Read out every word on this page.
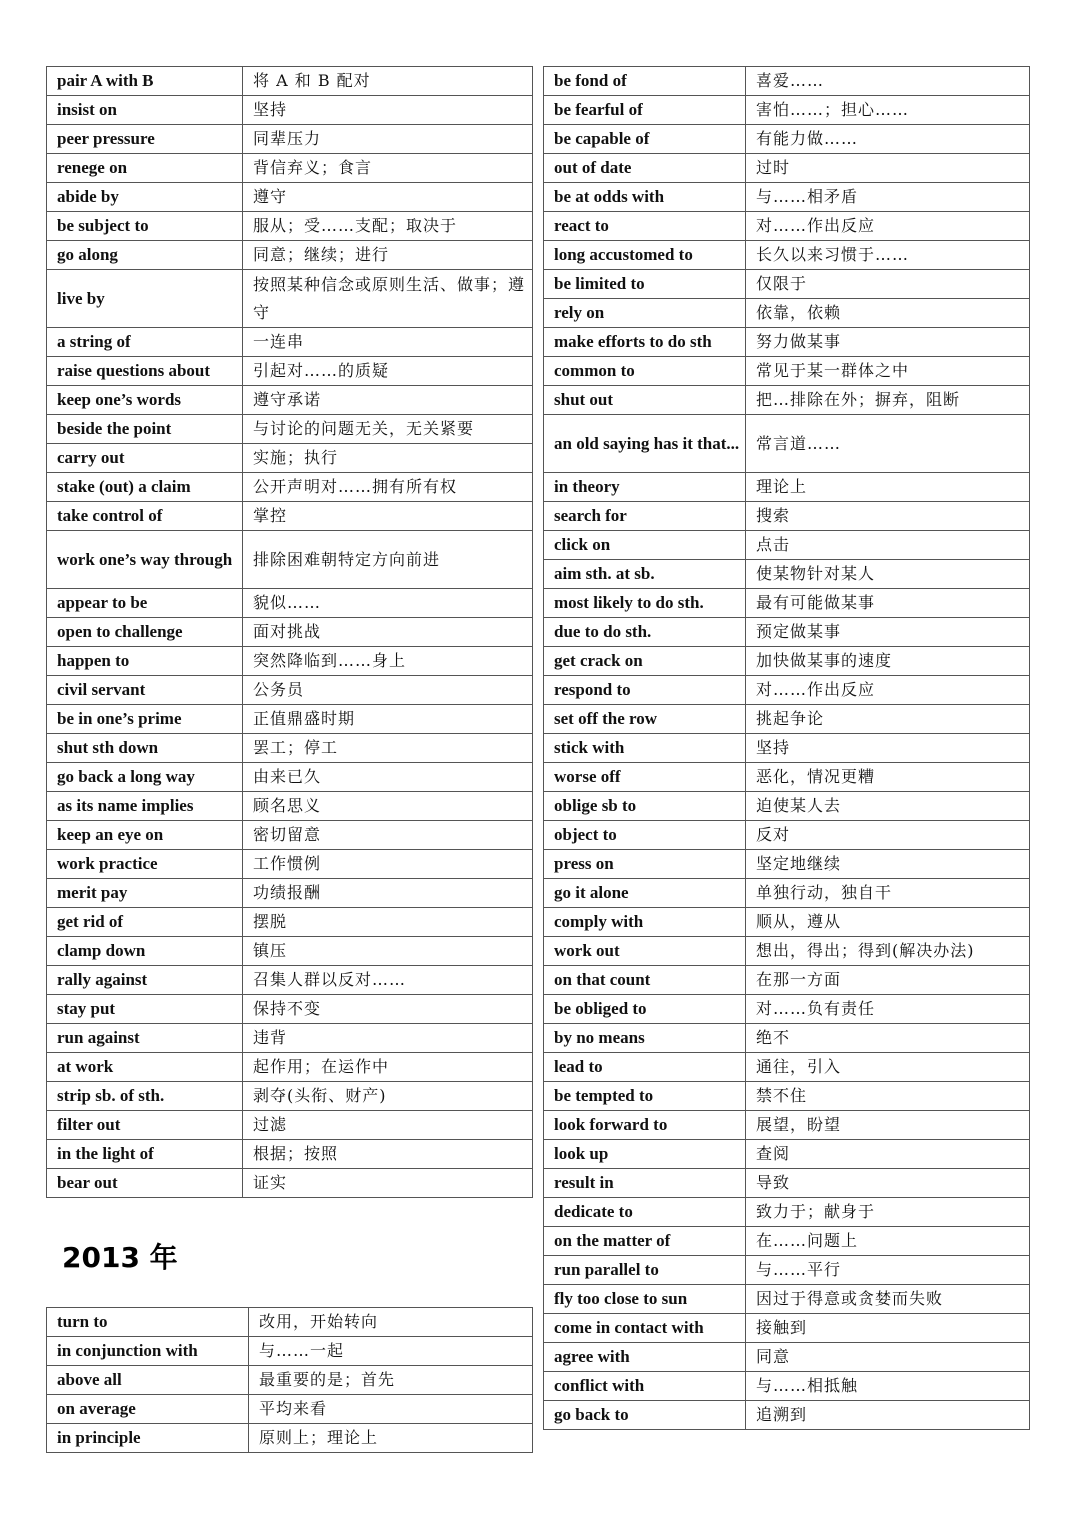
pair A with B	将 A 和 B 配对
insist on	坚持
peer pressure	同辈压力
renege on	背信弃义；食言
abide by	遵守
be subject to	服从；受……支配；取决于
go along	同意；继续；进行
live by	按照某种信念或原则生活、做事；遵守
a string of	一连串
raise questions about	引起对……的质疑
keep one’s words	遵守承诺
beside the point	与讨论的问题无关，无关紧要
carry out	实施；执行
stake (out) a claim	公开声明对……拥有所有权
take control of	掌控
work one’s way through	排除困难朝特定方向前进
appear to be	貌似……
open to challenge	面对挑战
happen to	突然降临到……身上
civil servant	公务员
be in one’s prime	正值鼎盛时期
shut sth down	罢工；停工
go back a long way	由来已久
as its name implies	顾名思义
keep an eye on	密切留意
work practice	工作惯例
merit pay	功绩报酬
get rid of	摆脱
clamp down	镇压
rally against	召集人群以反对……
stay put	保持不变
run against	违背
at work	起作用；在运作中
strip sb. of sth.	剥夺(头衔、财产)
filter out	过滤
in the light of	根据；按照
bear out	证实
2013 年
turn to	改用，开始转向
in conjunction with	与……一起
above all	最重要的是；首先
on average	平均来看
in principle	原则上；理论上
be fond of	喜爱……
be fearful of	害怕……；担心……
be capable of	有能力做……
out of date	过时
be at odds with	与……相矛盾
react to	对……作出反应
long accustomed to	长久以来习惯于……
be limited to	仅限于
rely on	依靠，依赖
make efforts to do sth	努力做某事
common to	常见于某一群体之中
shut out	把…排除在外；摒弃，阻断
an old saying has it that...	常言道……
in theory	理论上
search for	搜索
click on	点击
aim sth. at sb.	使某物针对某人
most likely to do sth.	最有可能做某事
due to do sth.	预定做某事
get crack on	加快做某事的速度
respond to	对……作出反应
set off the row	挑起争论
stick with	坚持
worse off	恶化，情况更糟
oblige sb to	迫使某人去
object to	反对
press on	坚定地继续
go it alone	单独行动，独自干
comply with	顺从，遵从
work out	想出，得出；得到(解决办法)
on that count	在那一方面
be obliged to	对……负有责任
by no means	绝不
lead to	通往，引入
be tempted to	禁不住
look forward to	展望，盼望
look up	查阅
result in	导致
dedicate to	致力于；献身于
on the matter of	在……问题上
run parallel to	与……平行
fly too close to sun	因过于得意或贪婪而失败
come in contact with	接触到
agree with	同意
conflict with	与……相抵触
go back to	追溯到
